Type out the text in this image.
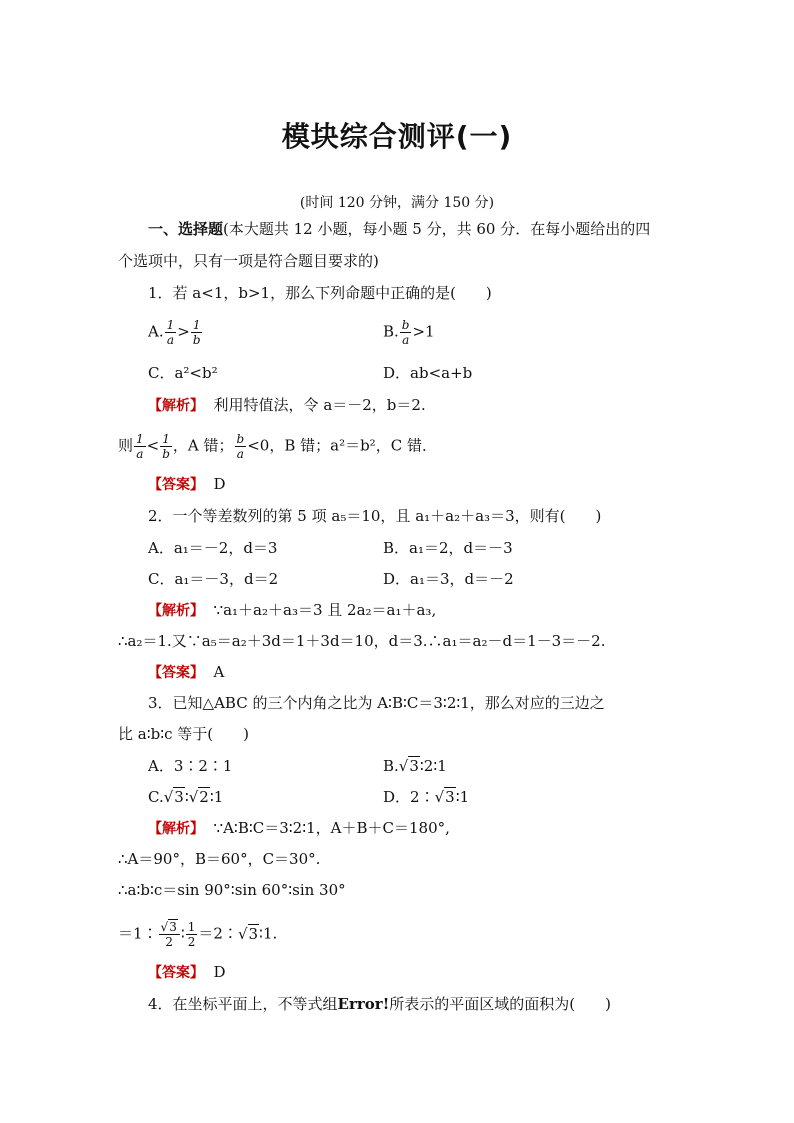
模块综合测评(一)
(时间 120 分钟，满分 150 分)
一、选择题(本大题共 12 小题，每小题 5 分，共 60 分．在每小题给出的四
个选项中，只有一项是符合题目要求的)
1．若 a<1，b>1，那么下列命题中正确的是(　　)
A. $\frac{1}{a} > \frac{1}{b}$	B. $\frac{b}{a} >1$
C．a²<b²	D．ab<a+b
【解析】 利用特值法，令 a＝－2，b＝2.
则 $\frac{1}{a} < \frac{1}{b}$ ，A 错； $\frac{b}{a} <0$，B 错；a²＝b²，C 错．
【答案】 D
2．一个等差数列的第 5 项 a₅＝10，且 a₁＋a₂＋a₃＝3，则有(　　)
A．a₁＝－2，d＝3	B．a₁＝2，d＝－3
C．a₁＝－3，d＝2	D．a₁＝3，d＝－2
【解析】 ∵a₁＋a₂＋a₃＝3 且 2a₂＝a₁＋a₃,
∴a₂＝1.又∵a₅＝a₂＋3d＝1＋3d＝10，d＝3.∴a₁＝a₂－d＝1－3＝－2.
【答案】 A
3．已知△ABC 的三个内角之比为 A∶B∶C＝3∶2∶1，那么对应的三边之
比 a∶b∶c 等于(　　)
A．3∶2∶1	B.√3∶2∶1
C.√3∶√2∶1	D．2∶√3∶1
【解析】 ∵A∶B∶C＝3∶2∶1，A＋B＋C＝180°,
∴A＝90°，B＝60°，C＝30°.
∴a∶b∶c＝sin 90°∶sin 60°∶sin 30°
＝1∶ $\frac{√3}{2}$ ∶ $\frac{1}{2}$ ＝2∶√3∶1.
【答案】 D
4．在坐标平面上，不等式组Error!所表示的平面区域的面积为(　　)
